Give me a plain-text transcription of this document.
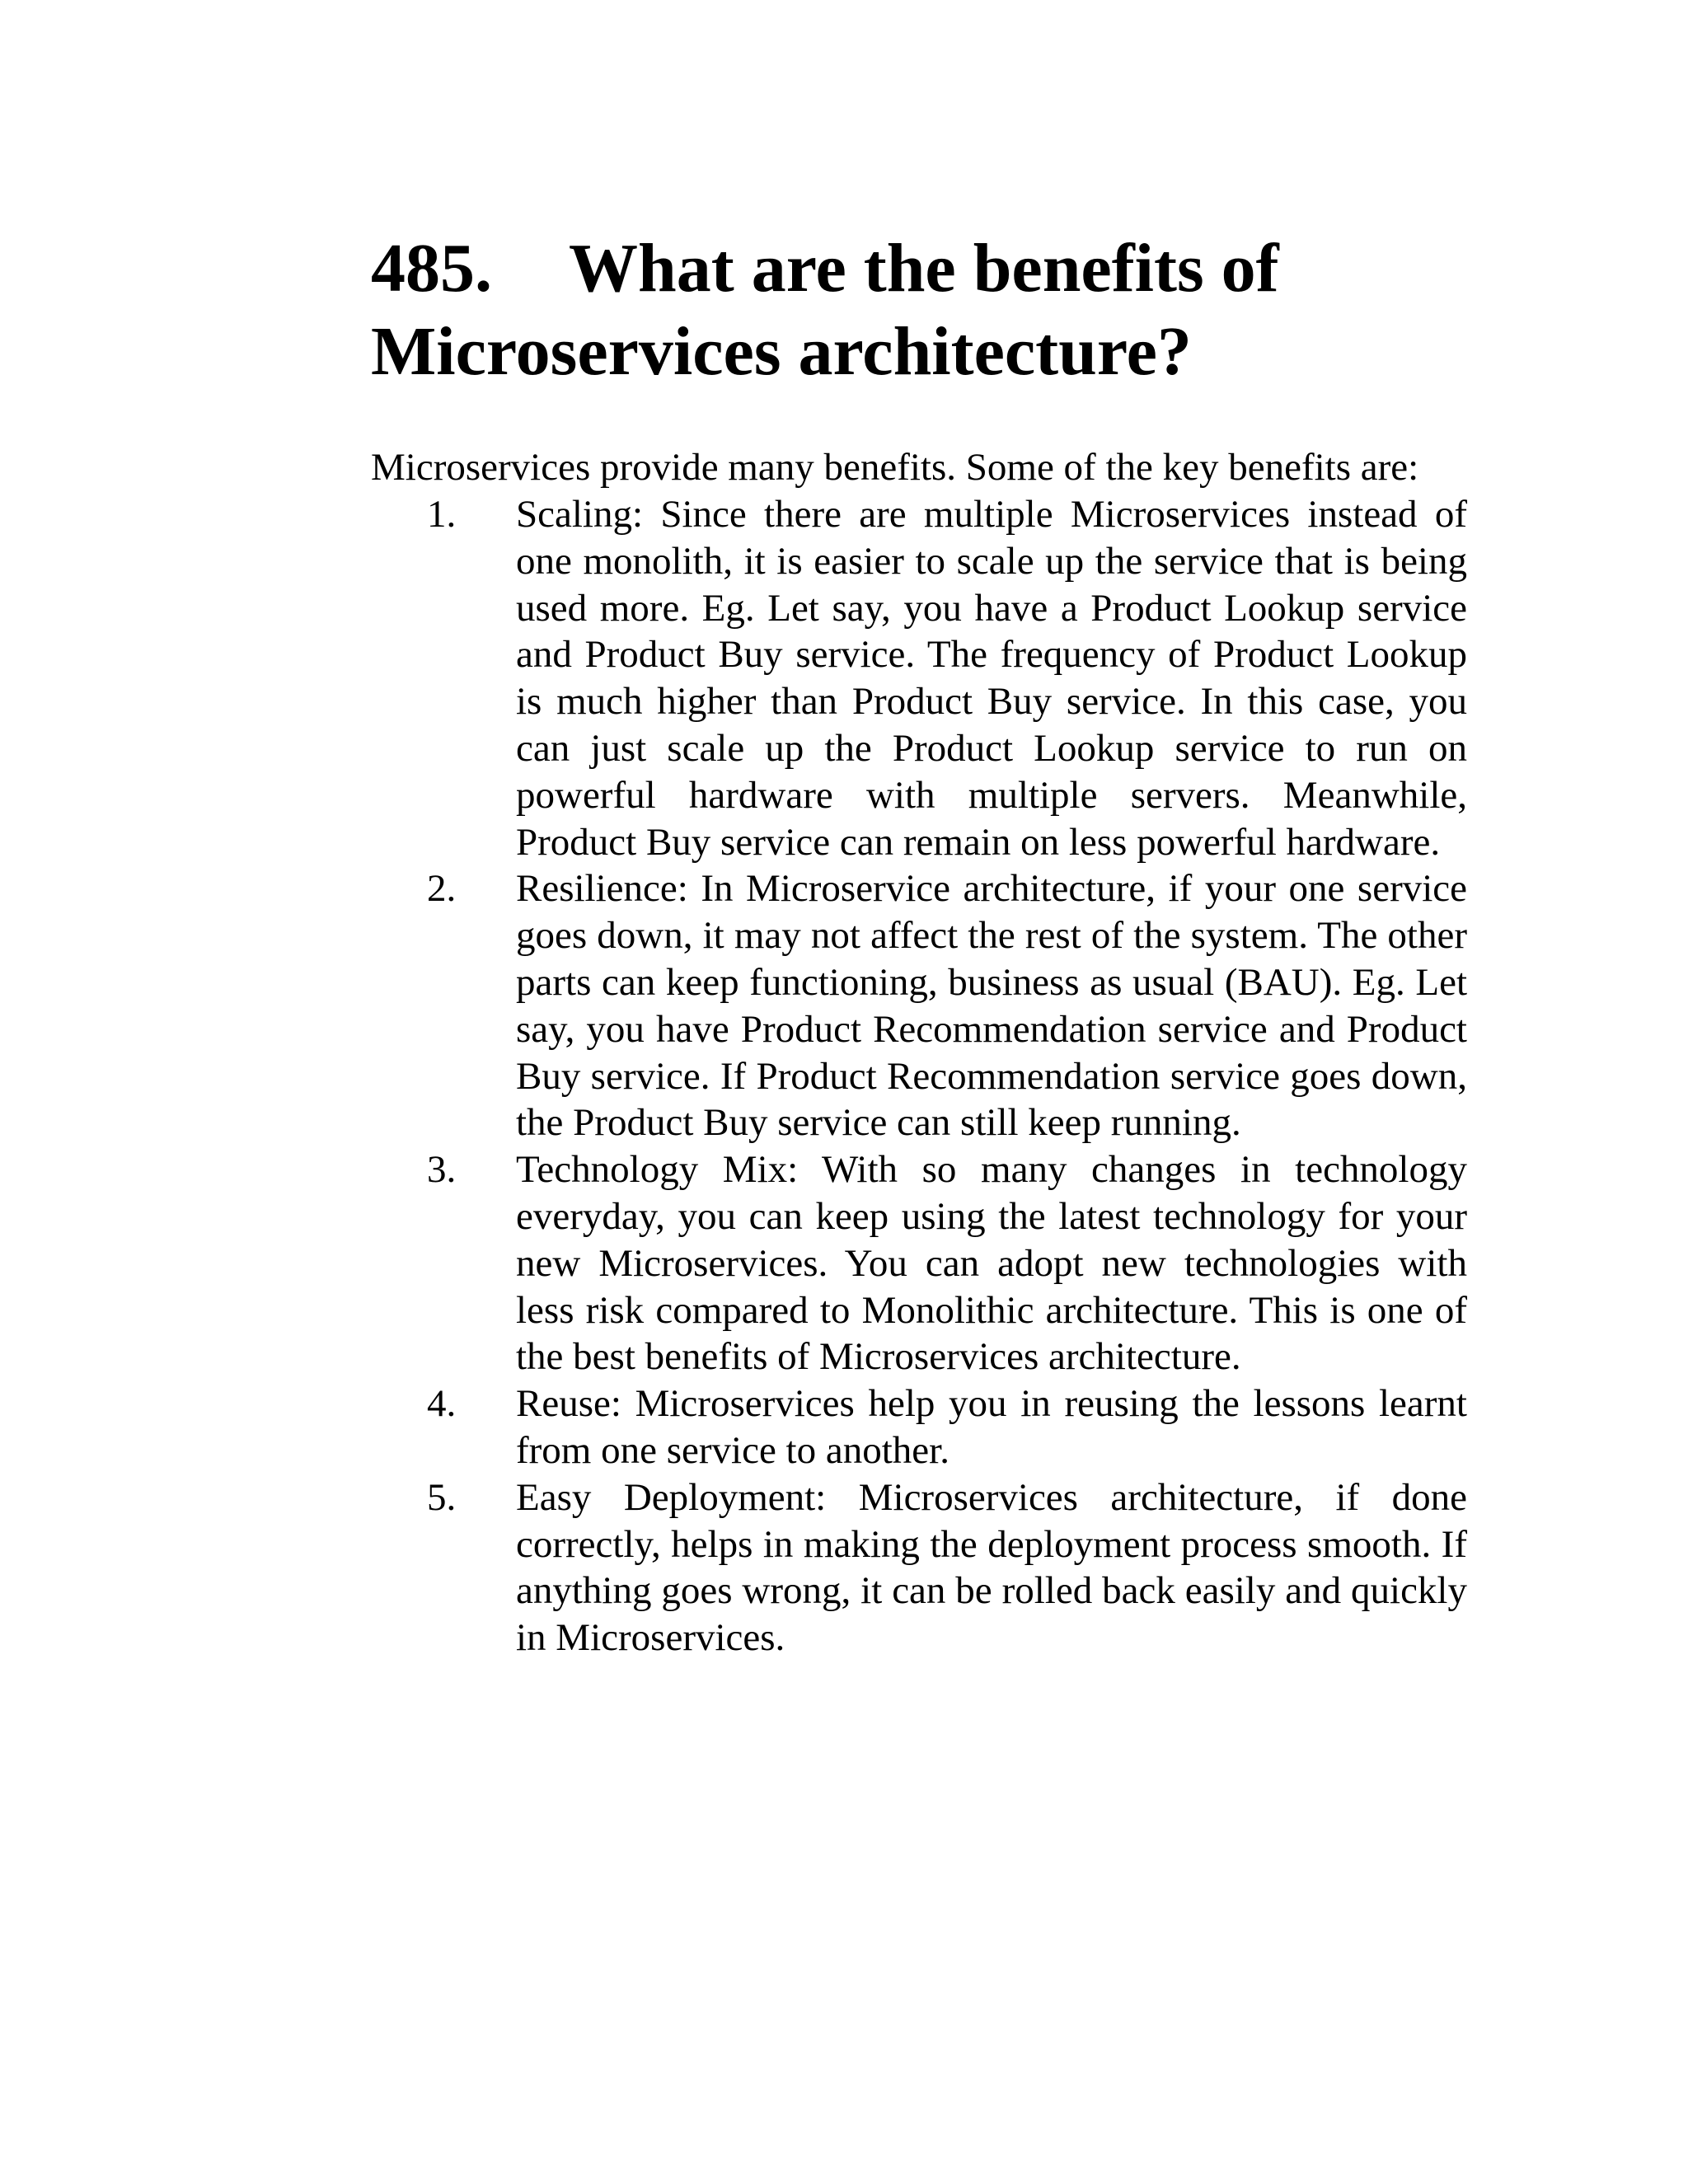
485. What are the benefits of
Microservices architecture?

Microservices provide many benefits. Some of the key benefits are:

1. Scaling: Since there are multiple Microservices instead of one monolith, it is easier to scale up the service that is being used more. Eg. Let say, you have a Product Lookup service and Product Buy service. The frequency of Product Lookup is much higher than Product Buy service. In this case, you can just scale up the Product Lookup service to run on powerful hardware with multiple servers. Meanwhile, Product Buy service can remain on less powerful hardware.
2. Resilience: In Microservice architecture, if your one service goes down, it may not affect the rest of the system. The other parts can keep functioning, business as usual (BAU). Eg. Let say, you have Product Recommendation service and Product Buy service. If Product Recommendation service goes down, the Product Buy service can still keep running.
3. Technology Mix: With so many changes in technology everyday, you can keep using the latest technology for your new Microservices. You can adopt new technologies with less risk compared to Monolithic architecture. This is one of the best benefits of Microservices architecture.
4. Reuse: Microservices help you in reusing the lessons learnt from one service to another.
5. Easy Deployment: Microservices architecture, if done correctly, helps in making the deployment process smooth. If anything goes wrong, it can be rolled back easily and quickly in Microservices.
